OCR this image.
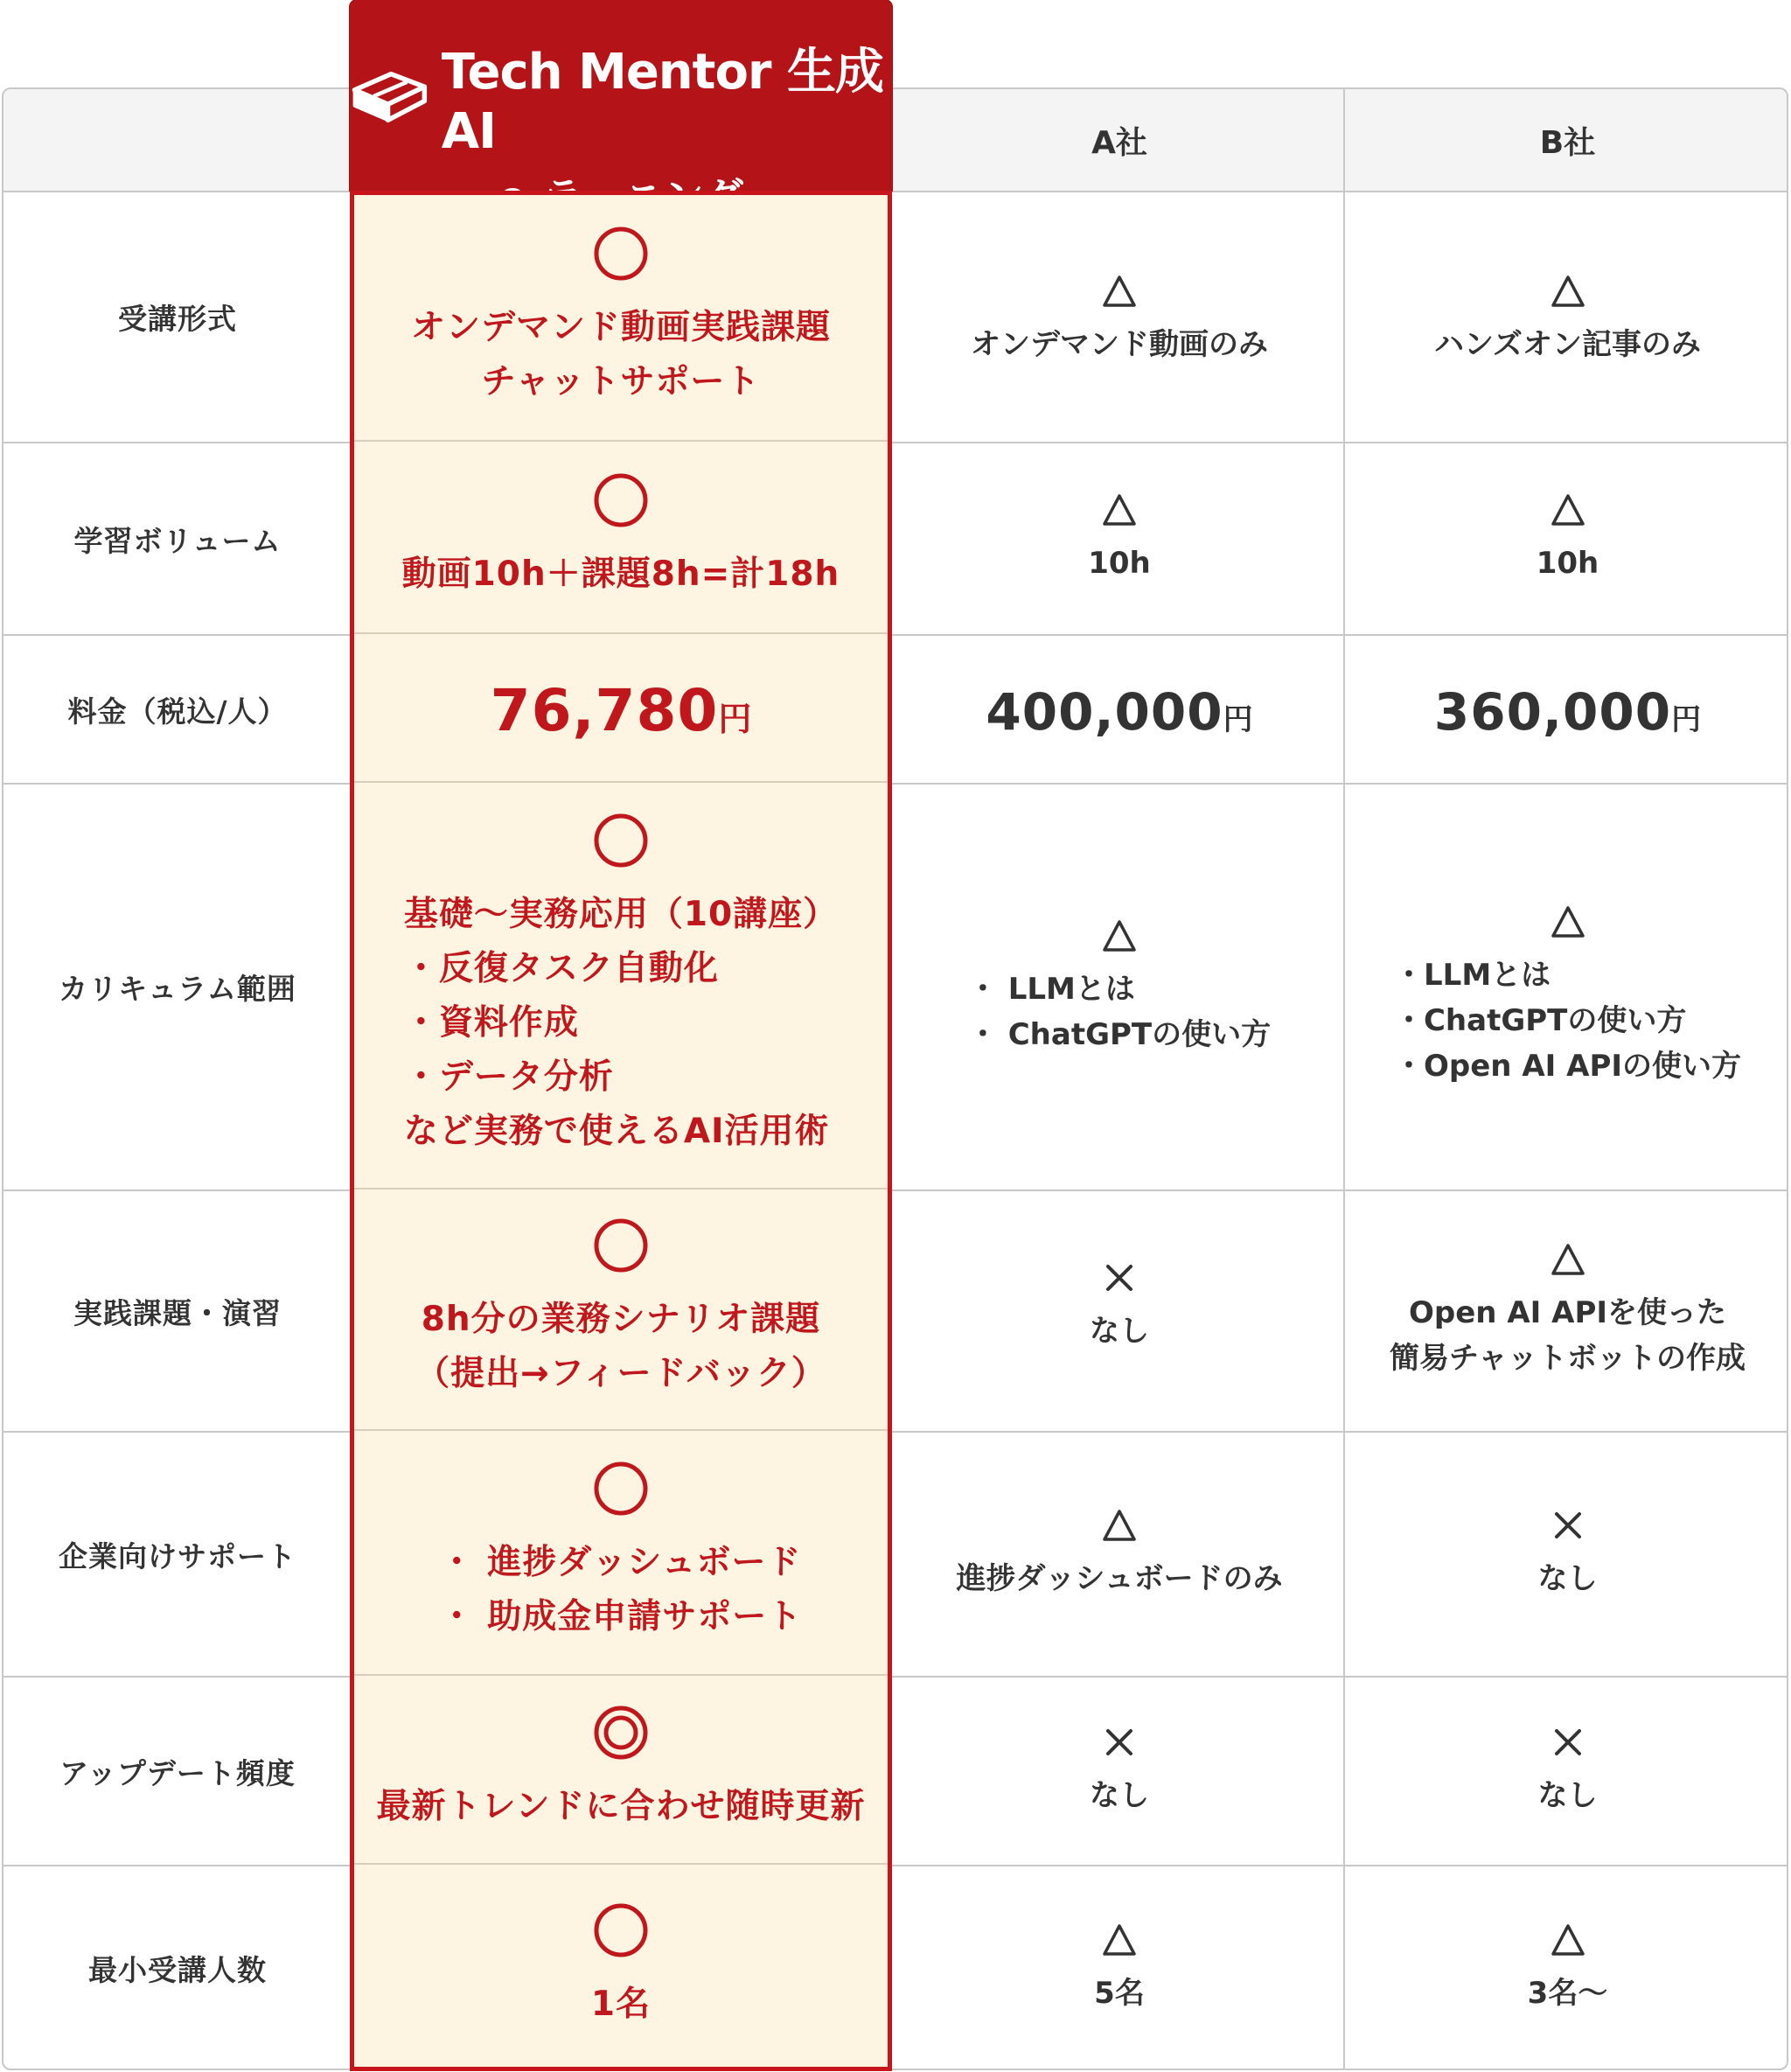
A社	B社
受講形式
学習ボリューム
料金（税込/人）
カリキュラム範囲
実践課題・演習
企業向けサポート
アップデート頻度
最小受講人数
オンデマンド動画のみ
10h
400,000円
・ LLMとは
・ ChatGPTの使い方
なし
進捗ダッシュボードのみ
なし
5名
ハンズオン記事のみ
10h
360,000円
・LLMとは
・ChatGPTの使い方
・Open AI APIの使い方
Open AI APIを使った
簡易チャットボットの作成
なし
なし
3名〜
Tech Mentor 生成AI
オンデマンド動画実践課題
チャットサポート
動画10h＋課題8h=計18h
76,780円
基礎〜実務応用（10講座）
・反復タスク自動化
・資料作成
・データ分析
など実務で使えるAI活用術
8h分の業務シナリオ課題
（提出→フィードバック）
・ 進捗ダッシュボード
・ 助成金申請サポート
最新トレンドに合わせ随時更新
1名
